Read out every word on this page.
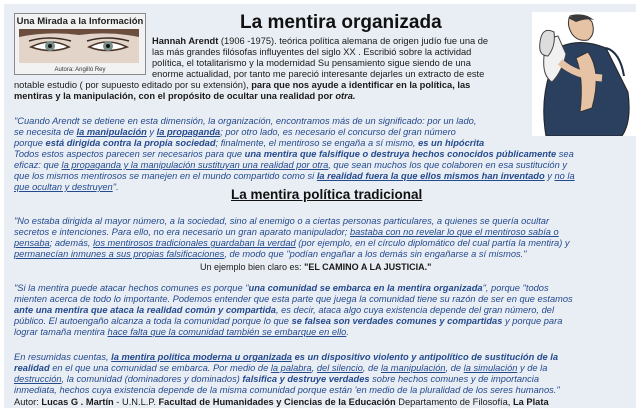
Una Mirada a la Información
Autora: Angilló Rey
La mentira organizada

Hannah Arendt (1906 -1975). teórica política alemana de origen judío fue una de

las más grandes filósofas influyentes del siglo XX . Escribió sobre la actividad

política, el totalitarismo y la modernidad Su pensamiento sigue siendo de una

enorme actualidad, por tanto me pareció interesante dejarles un extracto de este

notable estudio ( por supuesto editado por su extensión), para que nos ayude a identificar en la política, las

mentiras y la manipulación, con el propósito de ocultar una realidad por otra.

"Cuando Arendt se detiene en esta dimensión, la organización, encontramos más de un significado: por un lado,

se necesita de la manipulación y la propaganda; por otro lado, es necesario el concurso del gran número

porque está dirigida contra la propia sociedad; finalmente, el mentiroso se engaña a sí mismo, es un hipócrita

Todos estos aspectos parecen ser necesarios para que una mentira que falsifique o destruya hechos conocidos públicamente sea

eficaz: que la propaganda y la manipulación sustituyan una realidad por otra, que sean muchos los que colaboren en esa sustitución y

que los mismos mentirosos se manejen en el mundo compartido como si la realidad fuera la que ellos mismos han inventado y no la

que ocultan y destruyen".	La mentira política tradicional

"No estaba dirigida al mayor número, a la sociedad, sino al enemigo o a ciertas personas particulares, a quienes se quería ocultar

secretos e intenciones. Para ello, no era necesario un gran aparato manipulador; bastaba con no revelar lo que el mentiroso sabía o

pensaba; además, los mentirosos tradicionales guardaban la verdad (por ejemplo, en el círculo diplomático del cual partía la mentira) y

permanecían inmunes a sus propias falsificaciones, de modo que "podían engañar a los demás sin engañarse a sí mismos."

Un ejemplo bien claro es: "EL CAMINO A LA JUSTICIA."

"Si la mentira puede atacar hechos comunes es porque "una comunidad se embarca en la mentira organizada", porque "todos

mienten acerca de todo lo importante. Podemos entender que esta parte que juega la comunidad tiene su razón de ser en que estamos

ante una mentira que ataca la realidad común y compartida, es decir, ataca algo cuya existencia depende del gran número, del

público. El autoengaño alcanza a toda la comunidad porque lo que se falsea son verdades comunes y compartidas y porque para

lograr tamaña mentira hace falta que la comunidad también se embarque en ello.

En resumidas cuentas, la mentira política moderna u organizada es un dispositivo violento y antipolítico de sustitución de la

realidad en el que una comunidad se embarca. Por medio de la palabra, del silencio, de la manipulación, de la simulación y de la

destrucción, la comunidad (dominadores y dominados) falsifica y destruye verdades sobre hechos comunes y de importancia

inmediata, hechos cuya existencia depende de la misma comunidad porque están 'en medio de la pluralidad de los seres humanos."

Autor: Lucas G . Martín - U.N.L.P. Facultad de Humanidades y Ciencias de la Educación Departamento de Filosofía, La Plata
